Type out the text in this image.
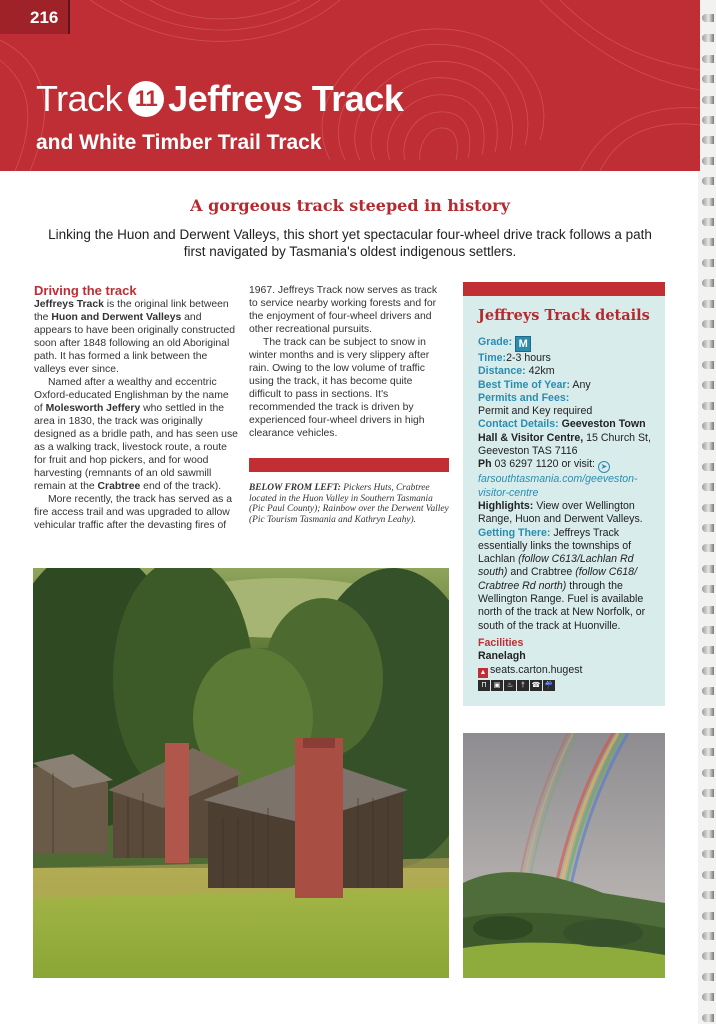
216
Track 11 Jeffreys Track
and White Timber Trail Track
A gorgeous track steeped in history
Linking the Huon and Derwent Valleys, this short yet spectacular four-wheel drive track follows a path first navigated by Tasmania's oldest indigenous settlers.
Driving the track

Jeffreys Track is the original link between the Huon and Derwent Valleys and appears to have been originally constructed soon after 1848 following an old Aboriginal path. It has formed a link between the valleys ever since.

Named after a wealthy and eccentric Oxford-educated Englishman by the name of Molesworth Jeffery who settled in the area in 1830, the track was originally designed as a bridle path, and has seen use as a walking track, livestock route, a route for fruit and hop pickers, and for wood harvesting (remnants of an old sawmill remain at the Crabtree end of the track).

More recently, the track has served as a fire access trail and was upgraded to allow vehicular traffic after the devasting fires of

1967. Jeffreys Track now serves as track to service nearby working forests and for the enjoyment of four-wheel drivers and other recreational pursuits.

The track can be subject to snow in winter months and is very slippery after rain. Owing to the low volume of traffic using the track, it has become quite difficult to pass in sections. It's recommended the track is driven by experienced four-wheel drivers in high clearance vehicles.

BELOW FROM LEFT: Pickers Huts, Crabtree located in the Huon Valley in Southern Tasmania (Pic Paul County); Rainbow over the Derwent Valley (Pic Tourism Tasmania and Kathryn Leahy).
Jeffreys Track details
Grade: M
Time:2-3 hours
Distance: 42km
Best Time of Year: Any
Permits and Fees:
Permit and Key required
Contact Details: Geeveston Town Hall & Visitor Centre, 15 Church St, Geeveston TAS 7116
Ph 03 6297 1120 or visit: ➤
farsouthtasmania.com/geeveston-visitor-centre
Highlights: View over Wellington Range, Huon and Derwent Valleys.
Getting There: Jeffreys Track essentially links the townships of Lachlan (follow C613/Lachlan Rd south) and Crabtree (follow C618/ Crabtree Rd north) through the Wellington Range. Fuel is available north of the track at New Norfolk, or south of the track at Huonville.
Facilities
Ranelagh
▲ seats.carton.hugest
Π	▣ ♨	† ☎ ☔
